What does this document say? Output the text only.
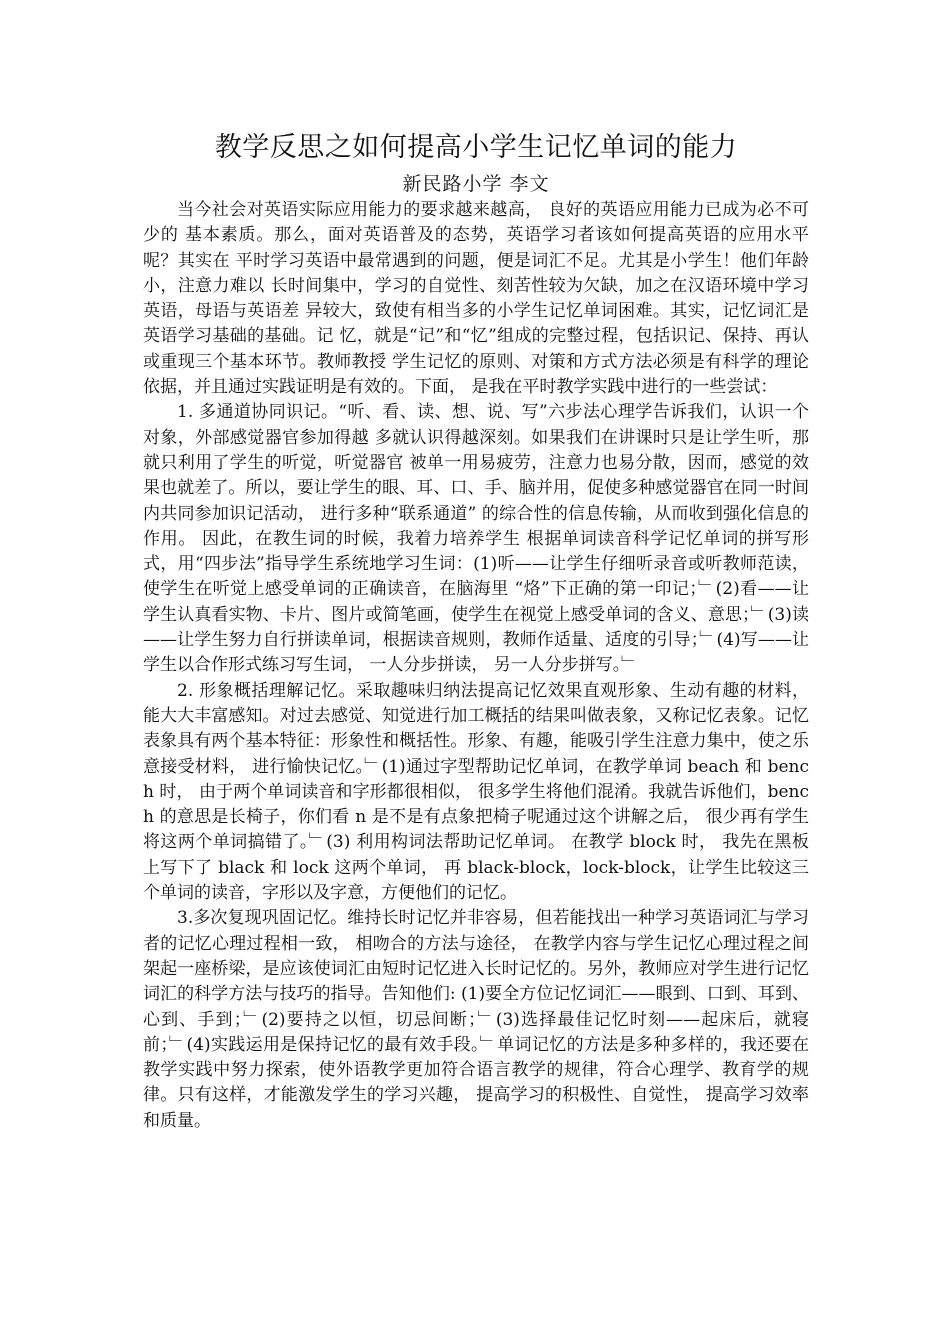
教学反思之如何提高小学生记忆单词的能力
新民路小学 李文

当今社会对英语实际应用能力的要求越来越高， 良好的英语应用能力已成为必不可少的 基本素质。那么，面对英语普及的态势，英语学习者该如何提高英语的应用水平呢？其实在 平时学习英语中最常遇到的问题，便是词汇不足。尤其是小学生！他们年龄小，注意力难以 长时间集中，学习的自觉性、刻苦性较为欠缺，加之在汉语环境中学习英语，母语与英语差 异较大，致使有相当多的小学生记忆单词困难。其实，记忆词汇是英语学习基础的基础。记 忆，就是“记”和“忆”组成的完整过程，包括识记、保持、再认或重现三个基本环节。教师教授 学生记忆的原则、对策和方式方法必须是有科学的理论依据，并且通过实践证明是有效的。下面， 是我在平时教学实践中进行的一些尝试：

1. 多通道协同识记。“听、看、读、想、说、写”六步法心理学告诉我们，认识一个对象，外部感觉器官参加得越 多就认识得越深刻。如果我们在讲课时只是让学生听，那就只利用了学生的听觉，听觉器官 被单一用易疲劳，注意力也易分散，因而，感觉的效果也就差了。所以，要让学生的眼、耳、口、手、脑并用，促使多种感觉器官在同一时间内共同参加识记活动， 进行多种“联系通道” 的综合性的信息传输，从而收到强化信息的作用。 因此，在教生词的时候，我着力培养学生 根据单词读音科学记忆单词的拼写形式，用“四步法”指导学生系统地学习生词：(1)听——让学生仔细听录音或听教师范读， 使学生在听觉上感受单词的正确读音，在脑海里 “烙”下正确的第一印记；﹂(2)看——让学生认真看实物、卡片、图片或简笔画，使学生在视觉上感受单词的含义、意思；﹂(3)读——让学生努力自行拼读单词，根据读音规则，教师作适量、适度的引导；﹂(4)写——让学生以合作形式练习写生词， 一人分步拼读， 另一人分步拼写。﹂

2. 形象概括理解记忆。采取趣味归纳法提高记忆效果直观形象、生动有趣的材料，能大大丰富感知。对过去感觉、知觉进行加工概括的结果叫做表象，又称记忆表象。记忆表象具有两个基本特征：形象性和概括性。形象、有趣，能吸引学生注意力集中，使之乐意接受材料， 进行愉快记忆。﹂(1)通过字型帮助记忆单词，在教学单词 beach 和 bench 时， 由于两个单词读音和字形都很相似， 很多学生将他们混淆。我就告诉他们，bench 的意思是长椅子，你们看 n 是不是有点象把椅子呢通过这个讲解之后， 很少再有学生将这两个单词搞错了。﹂(3) 利用构词法帮助记忆单词。 在教学 block 时， 我先在黑板上写下了 black 和 lock 这两个单词， 再 black-block，lock-block，让学生比较这三个单词的读音，字形以及字意，方便他们的记忆。

3.多次复现巩固记忆。维持长时记忆并非容易，但若能找出一种学习英语词汇与学习者的记忆心理过程相一致， 相吻合的方法与途径， 在教学内容与学生记忆心理过程之间架起一座桥梁，是应该使词汇由短时记忆进入长时记忆的。另外，教师应对学生进行记忆词汇的科学方法与技巧的指导。告知他们: (1)要全方位记忆词汇——眼到、口到、耳到、心到、手到；﹂(2)要持之以恒，切忌间断；﹂(3)选择最佳记忆时刻——起床后，就寝前；﹂(4)实践运用是保持记忆的最有效手段。﹂单词记忆的方法是多种多样的，我还要在教学实践中努力探索，使外语教学更加符合语言教学的规律，符合心理学、教育学的规律。只有这样，才能激发学生的学习兴趣， 提高学习的积极性、自觉性， 提高学习效率和质量。
